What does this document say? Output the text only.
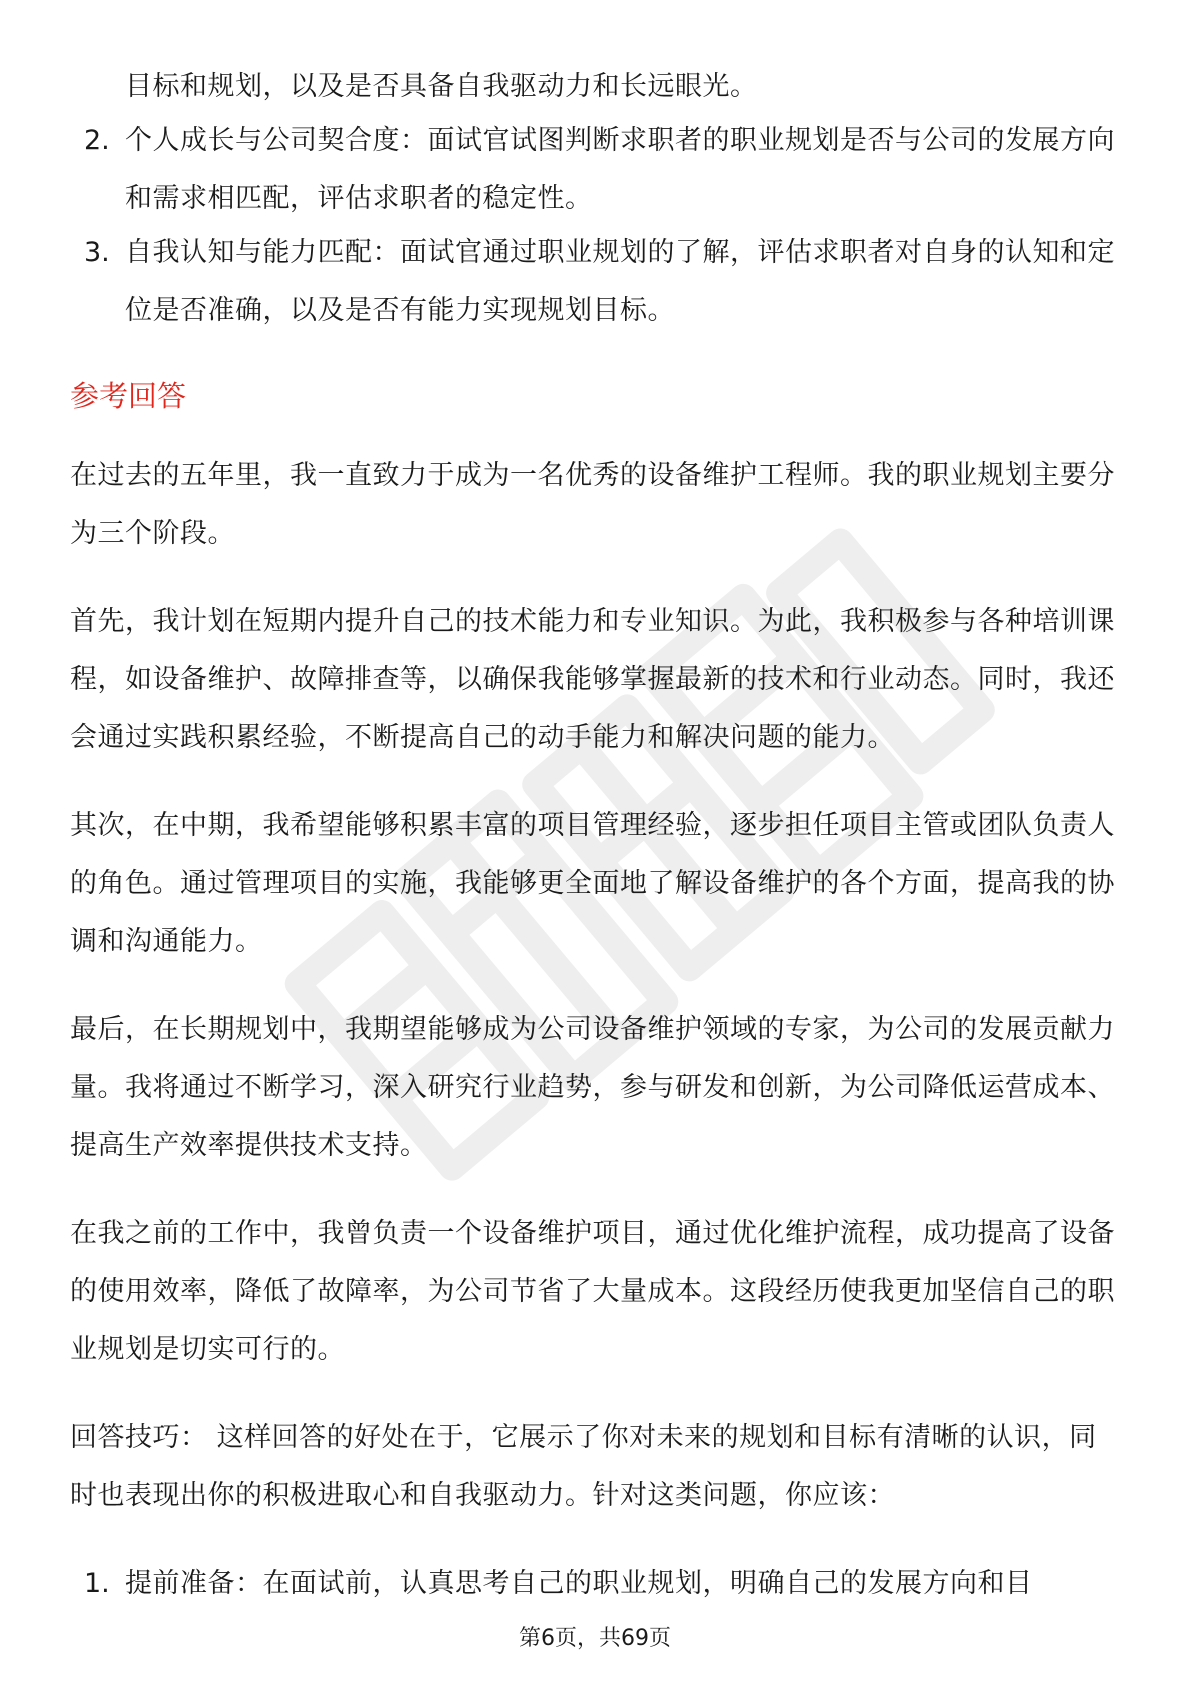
目标和规划，以及是否具备自我驱动力和长远眼光。
2. 个人成长与公司契合度：面试官试图判断求职者的职业规划是否与公司的发展方向和需求相匹配，评估求职者的稳定性。
3. 自我认知与能力匹配：面试官通过职业规划的了解，评估求职者对自身的认知和定位是否准确，以及是否有能力实现规划目标。
参考回答
在过去的五年里，我一直致力于成为一名优秀的设备维护工程师。我的职业规划主要分为三个阶段。
首先，我计划在短期内提升自己的技术能力和专业知识。为此，我积极参与各种培训课程，如设备维护、故障排查等，以确保我能够掌握最新的技术和行业动态。同时，我还会通过实践积累经验，不断提高自己的动手能力和解决问题的能力。
其次，在中期，我希望能够积累丰富的项目管理经验，逐步担任项目主管或团队负责人的角色。通过管理项目的实施，我能够更全面地了解设备维护的各个方面，提高我的协调和沟通能力。
最后，在长期规划中，我期望能够成为公司设备维护领域的专家，为公司的发展贡献力量。我将通过不断学习，深入研究行业趋势，参与研发和创新，为公司降低运营成本、提高生产效率提供技术支持。
在我之前的工作中，我曾负责一个设备维护项目，通过优化维护流程，成功提高了设备的使用效率，降低了故障率，为公司节省了大量成本。这段经历使我更加坚信自己的职业规划是切实可行的。
回答技巧： 这样回答的好处在于，它展示了你对未来的规划和目标有清晰的认识，同时也表现出你的积极进取心和自我驱动力。针对这类问题，你应该：
1. 提前准备：在面试前，认真思考自己的职业规划，明确自己的发展方向和目
第6页，共69页
